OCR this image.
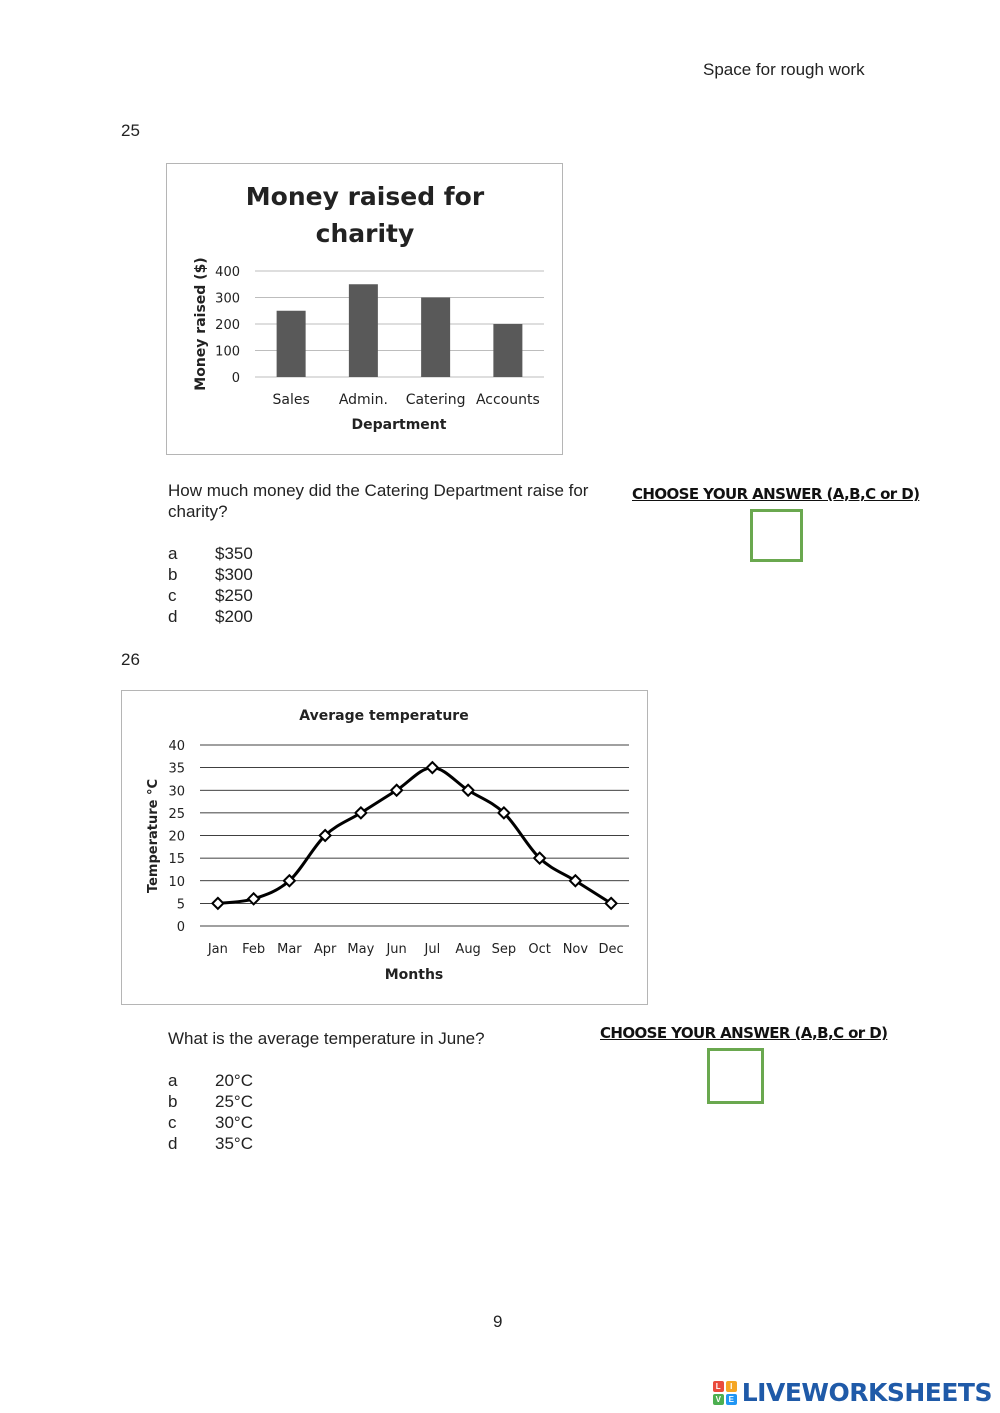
Space for rough work
25
Money raised for
charity
0
100
200
300
400
Sales Admin. Catering Accounts
Department
Money raised ($)
How much money did the Catering Department raise for charity?
a	$350
b	$300
c	$250
d	$200
CHOOSE YOUR ANSWER (A,B,C or D)
26
Average temperature
0
5
10
15
20
25
30
35
40
Jan Feb Mar Apr May Jun Jul Aug Sep Oct Nov Dec
Months
Temperature °C
What is the average temperature in June?
a	20°C
b	25°C
c	30°C
d	35°C
CHOOSE YOUR ANSWER (A,B,C or D)
9
L	I
V E LIVEWORKSHEETS
